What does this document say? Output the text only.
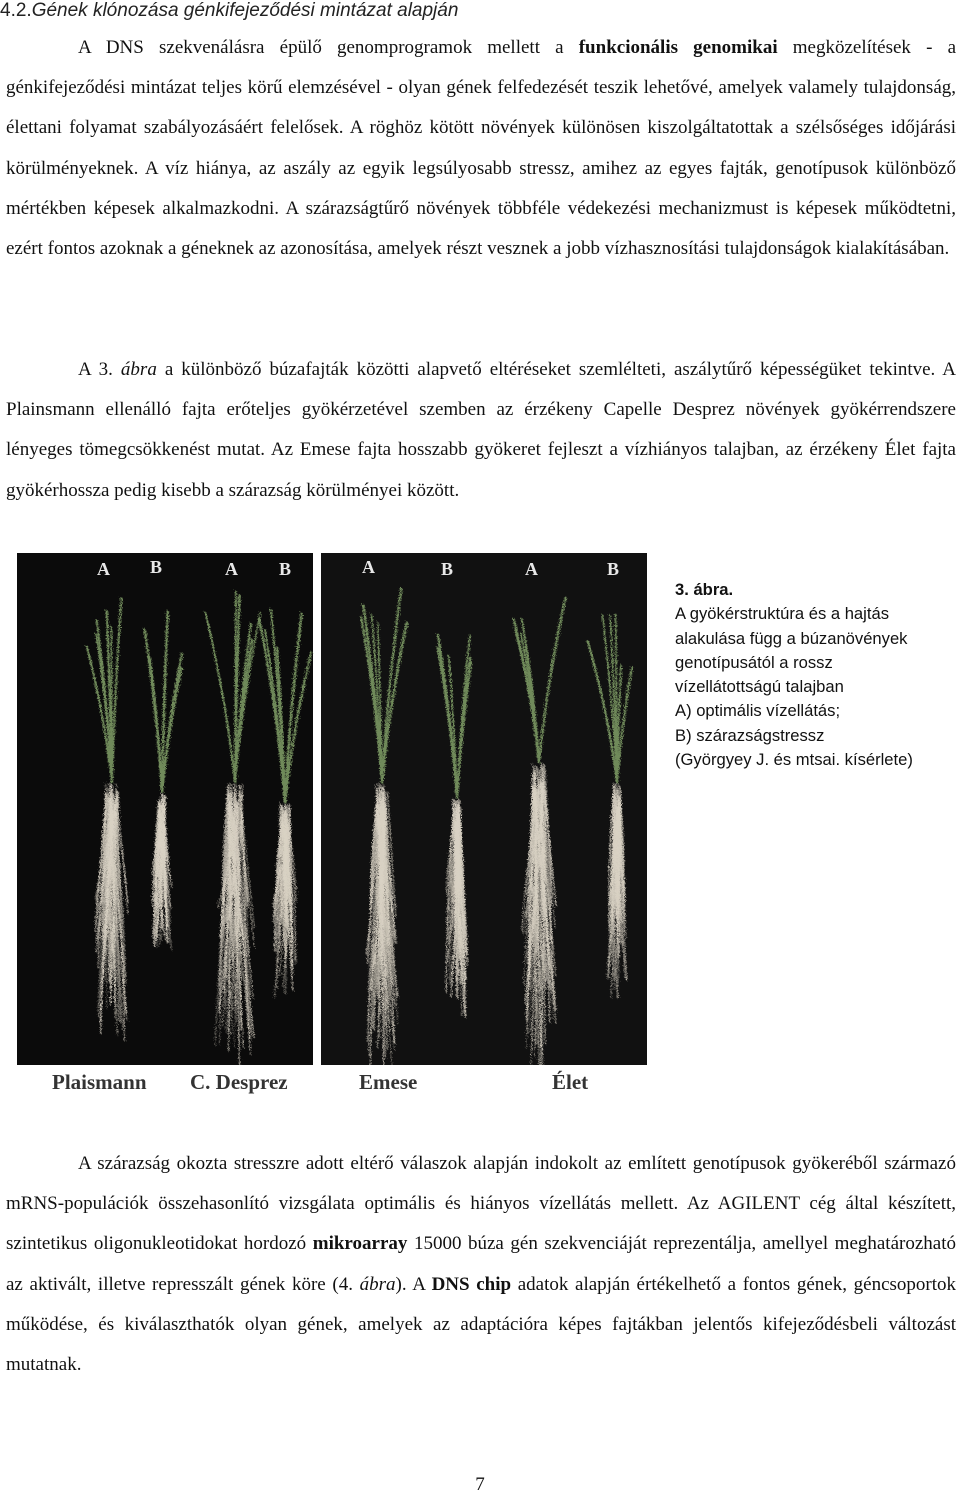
4.2.Gének klónozása génkifejeződési mintázat alapján

A DNS szekvenálásra épülő genomprogramok mellett a funkcionális genomikai megközelítések - a génkifejeződési mintázat teljes körű elemzésével - olyan gének felfedezését teszik lehetővé, amelyek valamely tulajdonság, élettani folyamat szabályozásáért felelősek. A röghöz kötött növények különösen kiszolgáltatottak a szélsőséges időjárási körülményeknek. A víz hiánya, az aszály az egyik legsúlyosabb stressz, amihez az egyes fajták, genotípusok különböző mértékben képesek alkalmazkodni. A szárazságtűrő növények többféle védekezési mechanizmust is képesek működtetni, ezért fontos azoknak a géneknek az azonosítása, amelyek részt vesznek a jobb vízhasznosítási tulajdonságok kialakításában.

A 3. ábra a különböző búzafajták közötti alapvető eltéréseket szemlélteti, aszálytűrő képességüket tekintve. A Plainsmann ellenálló fajta erőteljes gyökérzetével szemben az érzékeny Capelle Desprez növények gyökérrendszere lényeges tömegcsökkenést mutat. Az Emese fajta hosszabb gyökeret fejleszt a vízhiányos talajban, az érzékeny Élet fajta gyökérhossza pedig kisebb a szárazság körülményei között.

A B	A B	A	B	A	B
Plaismann C. Desprez	Emese	Élet
3. ábra.
A gyökérstruktúra és a hajtás
alakulása függ a búzanövények
genotípusától a rossz
vízellátottságú talajban
A) optimális vízellátás;
B) szárazságstressz
(Györgyey J. és mtsai. kísérlete)

A szárazság okozta stresszre adott eltérő válaszok alapján indokolt az említett genotípusok gyökeréből származó mRNS-populációk összehasonlító vizsgálata optimális és hiányos vízellátás mellett. Az AGILENT cég által készített, szintetikus oligonukleotidokat hordozó mikroarray 15000 búza gén szekvenciáját reprezentálja, amellyel meghatározható az aktivált, illetve represszált gének köre (4. ábra). A DNS chip adatok alapján értékelhető a fontos gének, géncsoportok működése, és kiválaszthatók olyan gének, amelyek az adaptációra képes fajtákban jelentős kifejeződésbeli változást mutatnak.

7
